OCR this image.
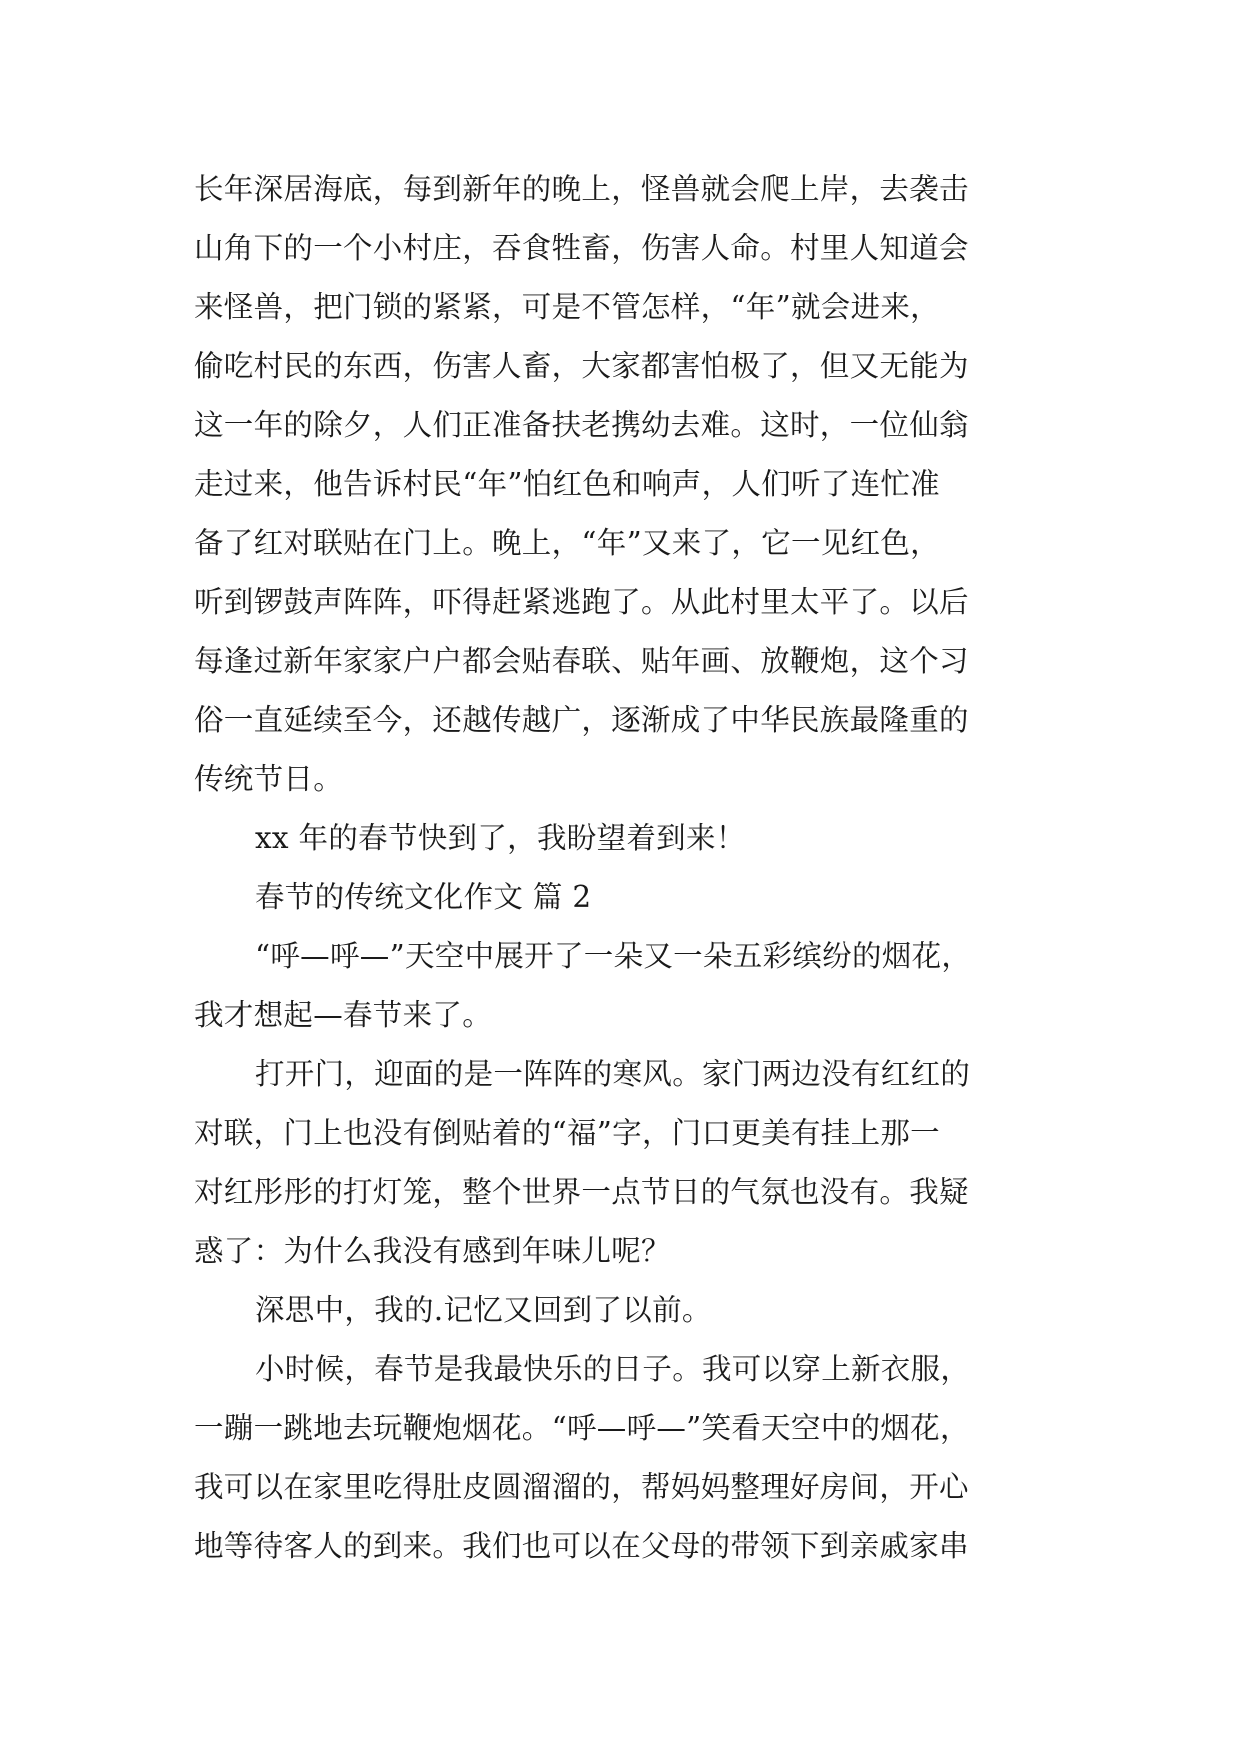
长年深居海底，每到新年的晚上，怪兽就会爬上岸，去袭击
山角下的一个小村庄，吞食牲畜，伤害人命。村里人知道会
来怪兽，把门锁的紧紧，可是不管怎样，“年”就会进来，
偷吃村民的东西，伤害人畜，大家都害怕极了，但又无能为
这一年的除夕，人们正准备扶老携幼去难。这时，一位仙翁
走过来，他告诉村民“年”怕红色和响声，人们听了连忙准
备了红对联贴在门上。晚上，“年”又来了，它一见红色，
听到锣鼓声阵阵，吓得赶紧逃跑了。从此村里太平了。以后
每逢过新年家家户户都会贴春联、贴年画、放鞭炮，这个习
俗一直延续至今，还越传越广，逐渐成了中华民族最隆重的
传统节日。
xx 年的春节快到了，我盼望着到来！
春节的传统文化作文 篇 2
“呼—呼—”天空中展开了一朵又一朵五彩缤纷的烟花，
我才想起—春节来了。
打开门，迎面的是一阵阵的寒风。家门两边没有红红的
对联，门上也没有倒贴着的“福”字，门口更美有挂上那一
对红彤彤的打灯笼，整个世界一点节日的气氛也没有。我疑
惑了：为什么我没有感到年味儿呢？
深思中，我的.记忆又回到了以前。
小时候，春节是我最快乐的日子。我可以穿上新衣服，
一蹦一跳地去玩鞭炮烟花。“呼—呼—”笑看天空中的烟花，
我可以在家里吃得肚皮圆溜溜的，帮妈妈整理好房间，开心
地等待客人的到来。我们也可以在父母的带领下到亲戚家串
